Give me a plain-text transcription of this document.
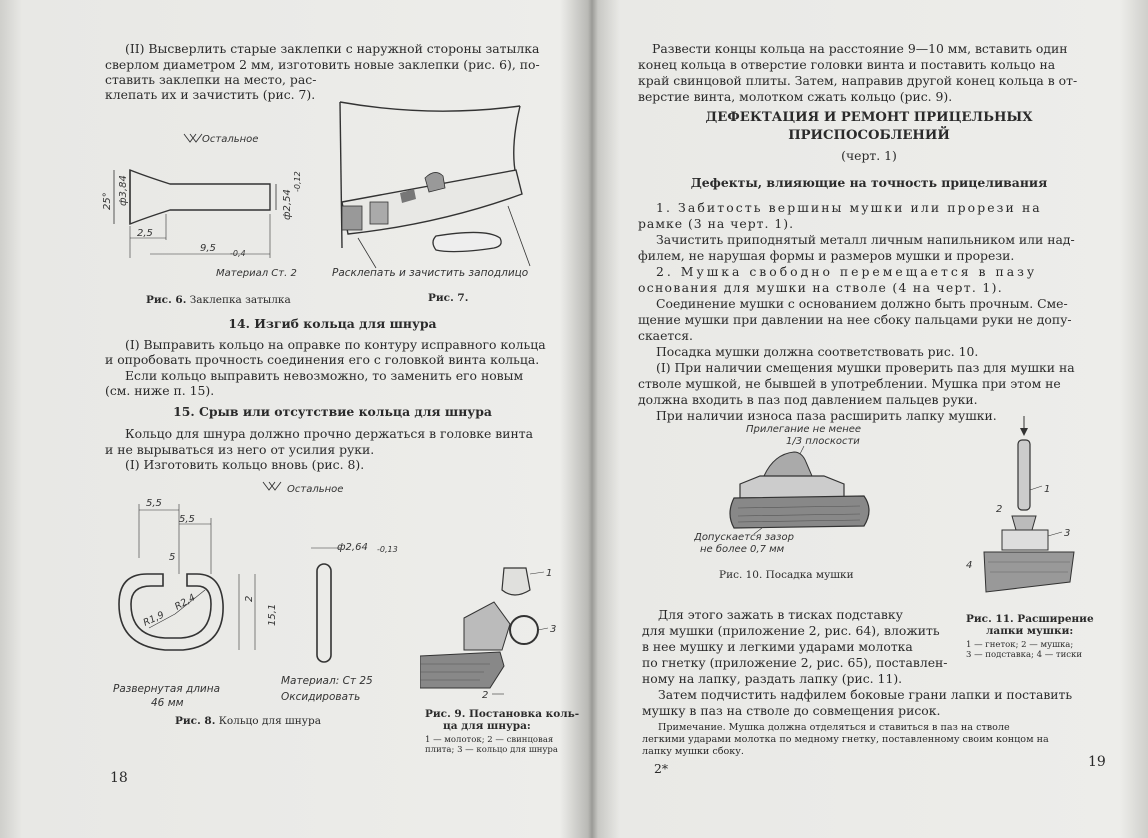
(II) Высверлить старые заклепки с наружной стороны затылка
сверлом диаметром 2 мм, изготовить новые заклепки (рис. 6), по-
ставить заклепки на место, рас-
клепать их и зачистить (рис. 7).
Остальное
2,5
9,5 -0,4
25° ф3,84	ф2,54
-0,12
Материал Ст. 2
Рис. 6. Заклепка затылка
Расклепать и зачистить заподлицо
Рис. 7.
14. Изгиб кольца для шнура
(I) Выправить кольцо на оправке по контуру исправного кольца
и опробовать прочность соединения его с головкой винта кольца.
Если кольцо выправить невозможно, то заменить его новым
(см. ниже п. 15).
15. Срыв или отсутствие кольца для шнура
Кольцо для шнура должно прочно держаться в головке винта
и не вырываться из него от усилия руки.
(I) Изготовить кольцо вновь (рис. 8).
Остальное
5,5
5,5
5
R1,9
R2,4	2
15,1
ф2,64 -0,13
Развернутая длина
46 мм
Материал: Ст 25
Оксидировать
Рис. 8. Кольцо для шнура
1
3
2
Рис. 9. Постановка коль-
ца для шнура:
1 — молоток; 2 — свинцовая
плита; 3 — кольцо для шнура
18
Развести концы кольца на расстояние 9—10 мм, вставить один
конец кольца в отверстие головки винта и поставить кольцо на
край свинцовой плиты. Затем, направив другой конец кольца в от-
верстие винта, молотком сжать кольцо (рис. 9).
ДЕФЕКТАЦИЯ И РЕМОНТ ПРИЦЕЛЬНЫХ
ПРИСПОСОБЛЕНИЙ
(черт. 1)
Дефекты, влияющие на точность прицеливания
1. Забитость вершины мушки или прорези на
рамке (3 на черт. 1).
Зачистить приподнятый металл личным напильником или над-
филем, не нарушая формы и размеров мушки и прорези.
2. Мушка свободно перемещается в пазу
основания для мушки на стволе (4 на черт. 1).
Соединение мушки с основанием должно быть прочным. Сме-
щение мушки при давлении на нее сбоку пальцами руки не допу-
скается.
Посадка мушки должна соответствовать рис. 10.
(I) При наличии смещения мушки проверить паз для мушки на
стволе мушкой, не бывшей в употреблении. Мушка при этом не
должна входить в паз под давлением пальцев руки.
При наличии износа паза расширить лапку мушки.
Прилегание не менее
1/3 плоскости
Допускается зазор
не более 0,7 мм
Рис. 10. Посадка мушки
1
2
3
4
Рис. 11. Расширение
лапки мушки:
1 — гнеток; 2 — мушка;
3 — подставка; 4 — тиски
Для этого зажать в тисках подставку
для мушки (приложение 2, рис. 64), вложить
в нее мушку и легкими ударами молотка
по гнетку (приложение 2, рис. 65), поставлен-
ному на лапку, раздать лапку (рис. 11).
Затем подчистить надфилем боковые грани лапки и поставить
мушку в паз на стволе до совмещения рисок.
Примечание. Мушка должна отделяться и ставиться в паз на стволе
легкими ударами молотка по медному гнетку, поставленному своим концом на
лапку мушки сбоку.
2*	19
